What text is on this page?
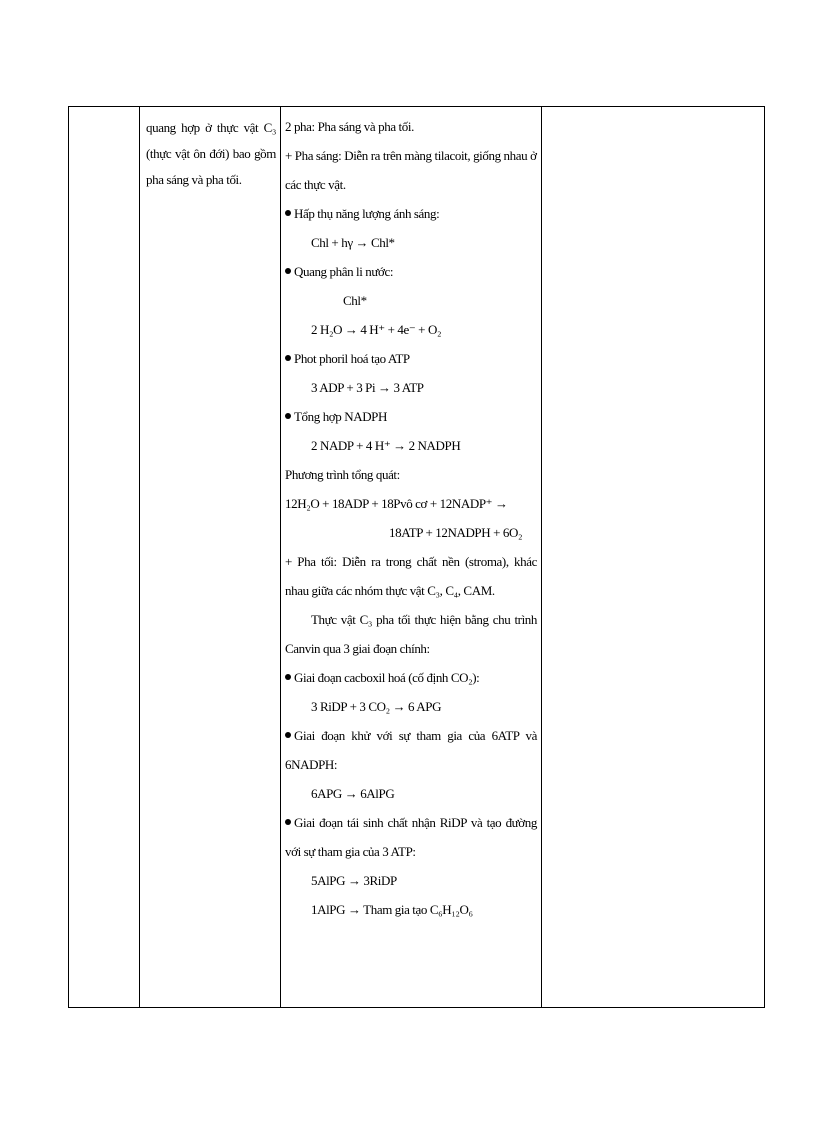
quang hợp ở thực vật C₃ (thực vật ôn đới) bao gồm pha sáng và pha tối.

2 pha: Pha sáng và pha tối.
+ Pha sáng: Diễn ra trên màng tilacoit, giống nhau ở
các thực vật.
Hấp thụ năng lượng ánh sáng:
Chl + hγ → Chl*
Quang phân li nước:
Chl*
2 H₂O → 4 H⁺ + 4e⁻ + O₂
Phot phoril hoá tạo ATP
3 ADP + 3 Pi → 3 ATP
Tổng hợp NADPH
2 NADP + 4 H⁺ → 2 NADPH
Phương trình tổng quát:
12H₂O + 18ADP + 18Pvô cơ + 12NADP⁺ →
18ATP + 12NADPH + 6O₂
+ Pha tối: Diễn ra trong chất nền (stroma), khác
nhau giữa các nhóm thực vật C₃, C₄, CAM.
Thực vật C₃ pha tối thực hiện bằng chu trình
Canvin qua 3 giai đoạn chính:
Giai đoạn cacboxil hoá (cố định CO₂):
3 RiDP + 3 CO₂ → 6 APG
Giai đoạn khử với sự tham gia của 6ATP và
6NADPH:
6APG → 6AlPG
Giai đoạn tái sinh chất nhận RiDP và tạo đường
với sự tham gia của 3 ATP:
5AlPG → 3RiDP
1AlPG → Tham gia tạo C₆H₁₂O₆
